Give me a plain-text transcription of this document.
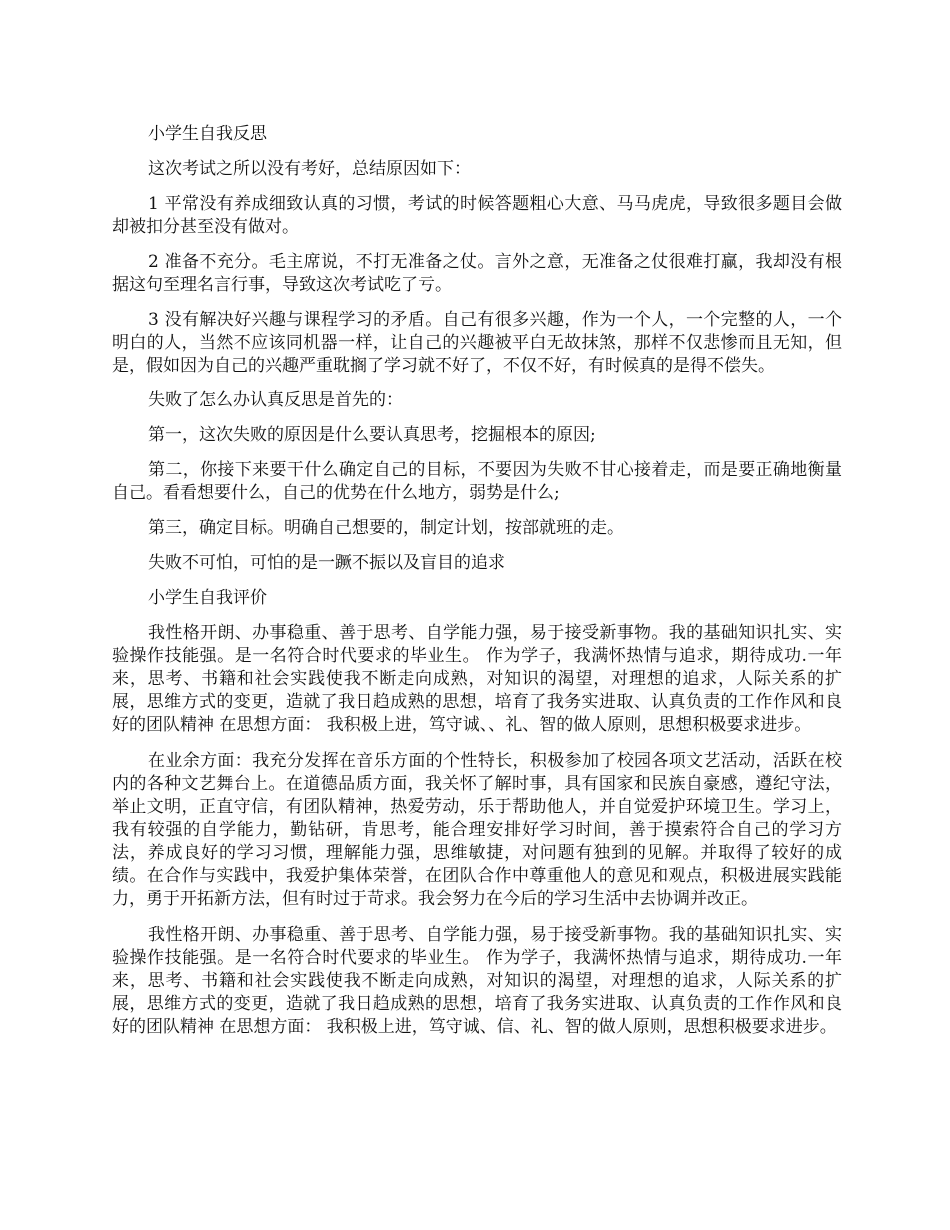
小学生自我反思

这次考试之所以没有考好，总结原因如下：

1 平常没有养成细致认真的习惯，考试的时候答题粗心大意、马马虎虎，导致很多题目会做却被扣分甚至没有做对。

2 准备不充分。毛主席说，不打无准备之仗。言外之意，无准备之仗很难打赢，我却没有根据这句至理名言行事，导致这次考试吃了亏。

3 没有解决好兴趣与课程学习的矛盾。自己有很多兴趣，作为一个人，一个完整的人，一个明白的人，当然不应该同机器一样，让自己的兴趣被平白无故抹煞，那样不仅悲惨而且无知，但是，假如因为自己的兴趣严重耽搁了学习就不好了，不仅不好，有时候真的是得不偿失。

失败了怎么办认真反思是首先的：

第一，这次失败的原因是什么要认真思考，挖掘根本的原因;

第二，你接下来要干什么确定自己的目标，不要因为失败不甘心接着走，而是要正确地衡量自己。看看想要什么，自己的优势在什么地方，弱势是什么;

第三，确定目标。明确自己想要的，制定计划，按部就班的走。

失败不可怕，可怕的是一蹶不振以及盲目的追求

小学生自我评价

我性格开朗、办事稳重、善于思考、自学能力强，易于接受新事物。我的基础知识扎实、实验操作技能强。是一名符合时代要求的毕业生。 作为学子，我满怀热情与追求，期待成功.一年来，思考、书籍和社会实践使我不断走向成熟，对知识的渴望，对理想的追求，人际关系的扩展，思维方式的变更，造就了我日趋成熟的思想，培育了我务实进取、认真负责的工作作风和良好的团队精神 在思想方面： 我积极上进，笃守诚、、礼、智的做人原则，思想积极要求进步。

在业余方面：我充分发挥在音乐方面的个性特长，积极参加了校园各项文艺活动，活跃在校内的各种文艺舞台上。在道德品质方面，我关怀了解时事，具有国家和民族自豪感，遵纪守法，举止文明，正直守信，有团队精神，热爱劳动，乐于帮助他人，并自觉爱护环境卫生。学习上，我有较强的自学能力，勤钻研，肯思考，能合理安排好学习时间，善于摸索符合自己的学习方法，养成良好的学习习惯，理解能力强，思维敏捷，对问题有独到的见解。并取得了较好的成绩。在合作与实践中，我爱护集体荣誉，在团队合作中尊重他人的意见和观点，积极进展实践能力，勇于开拓新方法，但有时过于苛求。我会努力在今后的学习生活中去协调并改正。

我性格开朗、办事稳重、善于思考、自学能力强，易于接受新事物。我的基础知识扎实、实验操作技能强。是一名符合时代要求的毕业生。 作为学子，我满怀热情与追求，期待成功.一年来，思考、书籍和社会实践使我不断走向成熟，对知识的渴望，对理想的追求，人际关系的扩展，思维方式的变更，造就了我日趋成熟的思想，培育了我务实进取、认真负责的工作作风和良好的团队精神 在思想方面： 我积极上进，笃守诚、信、礼、智的做人原则，思想积极要求进步。
